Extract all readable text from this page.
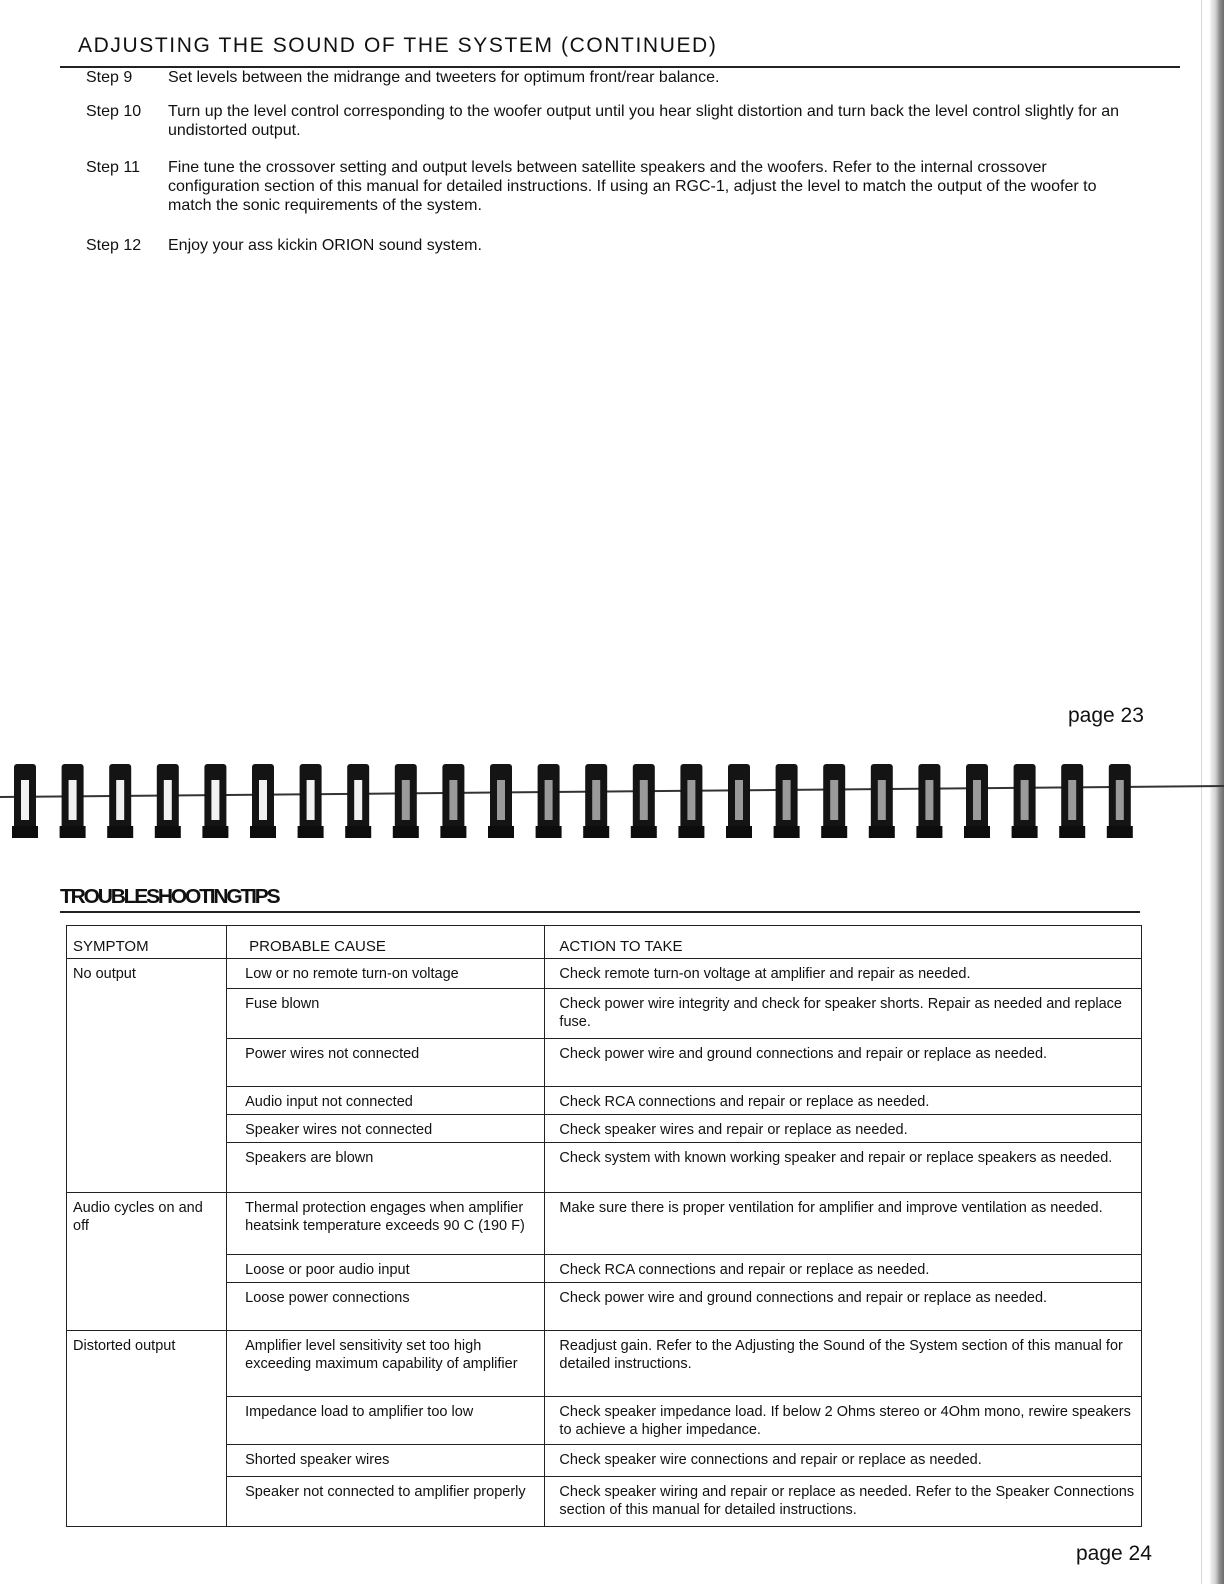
ADJUSTING THE SOUND OF THE SYSTEM (CONTINUED)
Step 9	Set levels between the midrange and tweeters for optimum front/rear balance.
Step 10	Turn up the level control corresponding to the woofer output until you hear slight distortion and turn back the level control slightly for an undistorted output.
Step 11	Fine tune the crossover setting and output levels between satellite speakers and the woofers. Refer to the internal crossover configuration section of this manual for detailed instructions. If using an RGC-1, adjust the level to match the output of the woofer to match the sonic requirements of the system.
Step 12	Enjoy your ass kickin ORION sound system.
page 23
TROUBLESHOOTINGTIPS
SYMPTOM	PROBABLE CAUSE	ACTION TO TAKE
No output	Low or no remote turn-on voltage	Check remote turn-on voltage at amplifier and repair as needed.
	Fuse blown	Check power wire integrity and check for speaker shorts. Repair as needed and replace fuse.
	Power wires not connected	Check power wire and ground connections and repair or replace as needed.
	Audio input not connected	Check RCA connections and repair or replace as needed.
	Speaker wires not connected	Check speaker wires and repair or replace as needed.
	Speakers are blown	Check system with known working speaker and repair or replace speakers as needed.
Audio cycles on and off	Thermal protection engages when amplifier heatsink temperature exceeds 90 C (190 F)	Make sure there is proper ventilation for amplifier and improve ventilation as needed.
	Loose or poor audio input	Check RCA connections and repair or replace as needed.
	Loose power connections	Check power wire and ground connections and repair or replace as needed.
Distorted output	Amplifier level sensitivity set too high exceeding maximum capability of amplifier	Readjust gain. Refer to the Adjusting the Sound of the System section of this manual for detailed instructions.
	Impedance load to amplifier too low	Check speaker impedance load. If below 2 Ohms stereo or 4Ohm mono, rewire speakers to achieve a higher impedance.
	Shorted speaker wires	Check speaker wire connections and repair or replace as needed.
	Speaker not connected to amplifier properly	Check speaker wiring and repair or replace as needed. Refer to the Speaker Connections section of this manual for detailed instructions.
page 24
